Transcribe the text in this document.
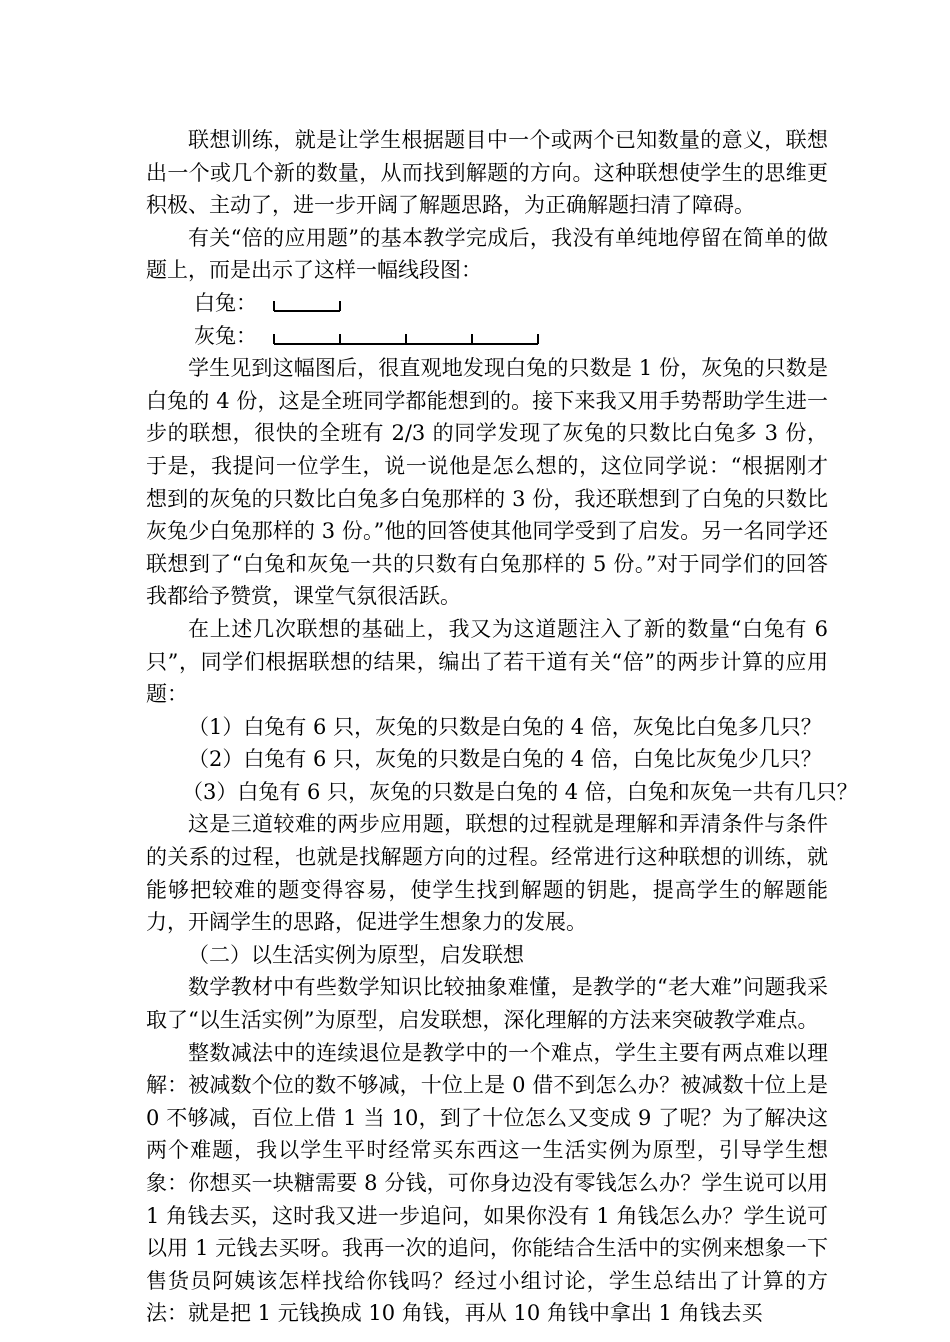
联想训练，就是让学生根据题目中一个或两个已知数量的意义，联想出一个或几个新的数量，从而找到解题的方向。这种联想使学生的思维更积极、主动了，进一步开阔了解题思路，为正确解题扫清了障碍。

有关“倍的应用题”的基本教学完成后，我没有单纯地停留在简单的做题上，而是出示了这样一幅线段图：

白兔：
灰兔：

学生见到这幅图后，很直观地发现白兔的只数是 1 份，灰兔的只数是白兔的 4 份，这是全班同学都能想到的。接下来我又用手势帮助学生进一步的联想，很快的全班有 2/3 的同学发现了灰兔的只数比白兔多 3 份，于是，我提问一位学生，说一说他是怎么想的，这位同学说：“根据刚才想到的灰兔的只数比白兔多白兔那样的 3 份，我还联想到了白兔的只数比灰兔少白兔那样的 3 份。”他的回答使其他同学受到了启发。另一名同学还联想到了“白兔和灰兔一共的只数有白兔那样的 5 份。”对于同学们的回答我都给予赞赏，课堂气氛很活跃。

在上述几次联想的基础上，我又为这道题注入了新的数量“白兔有 6 只”，同学们根据联想的结果，编出了若干道有关“倍”的两步计算的应用题：

（1）白兔有 6 只，灰兔的只数是白兔的 4 倍，灰兔比白兔多几只？

（2）白兔有 6 只，灰兔的只数是白兔的 4 倍，白兔比灰兔少几只？

（3）白兔有 6 只，灰兔的只数是白兔的 4 倍，白兔和灰兔一共有几只？

这是三道较难的两步应用题，联想的过程就是理解和弄清条件与条件的关系的过程，也就是找解题方向的过程。经常进行这种联想的训练，就能够把较难的题变得容易，使学生找到解题的钥匙，提高学生的解题能力，开阔学生的思路，促进学生想象力的发展。

（二）以生活实例为原型，启发联想

数学教材中有些数学知识比较抽象难懂，是教学的“老大难”问题我采取了“以生活实例”为原型，启发联想，深化理解的方法来突破教学难点。

整数减法中的连续退位是教学中的一个难点，学生主要有两点难以理解：被减数个位的数不够减，十位上是 0 借不到怎么办？被减数十位上是 0 不够减，百位上借 1 当 10，到了十位怎么又变成 9 了呢？为了解决这两个难题，我以学生平时经常买东西这一生活实例为原型，引导学生想象：你想买一块糖需要 8 分钱，可你身边没有零钱怎么办？学生说可以用 1 角钱去买，这时我又进一步追问，如果你没有 1 角钱怎么办？学生说可以用 1 元钱去买呀。我再一次的追问，你能结合生活中的实例来想象一下售货员阿姨该怎样找给你钱吗？经过小组讨论，学生总结出了计算的方法：就是把 1 元钱换成 10 角钱，再从 10 角钱中拿出 1 角钱去买
